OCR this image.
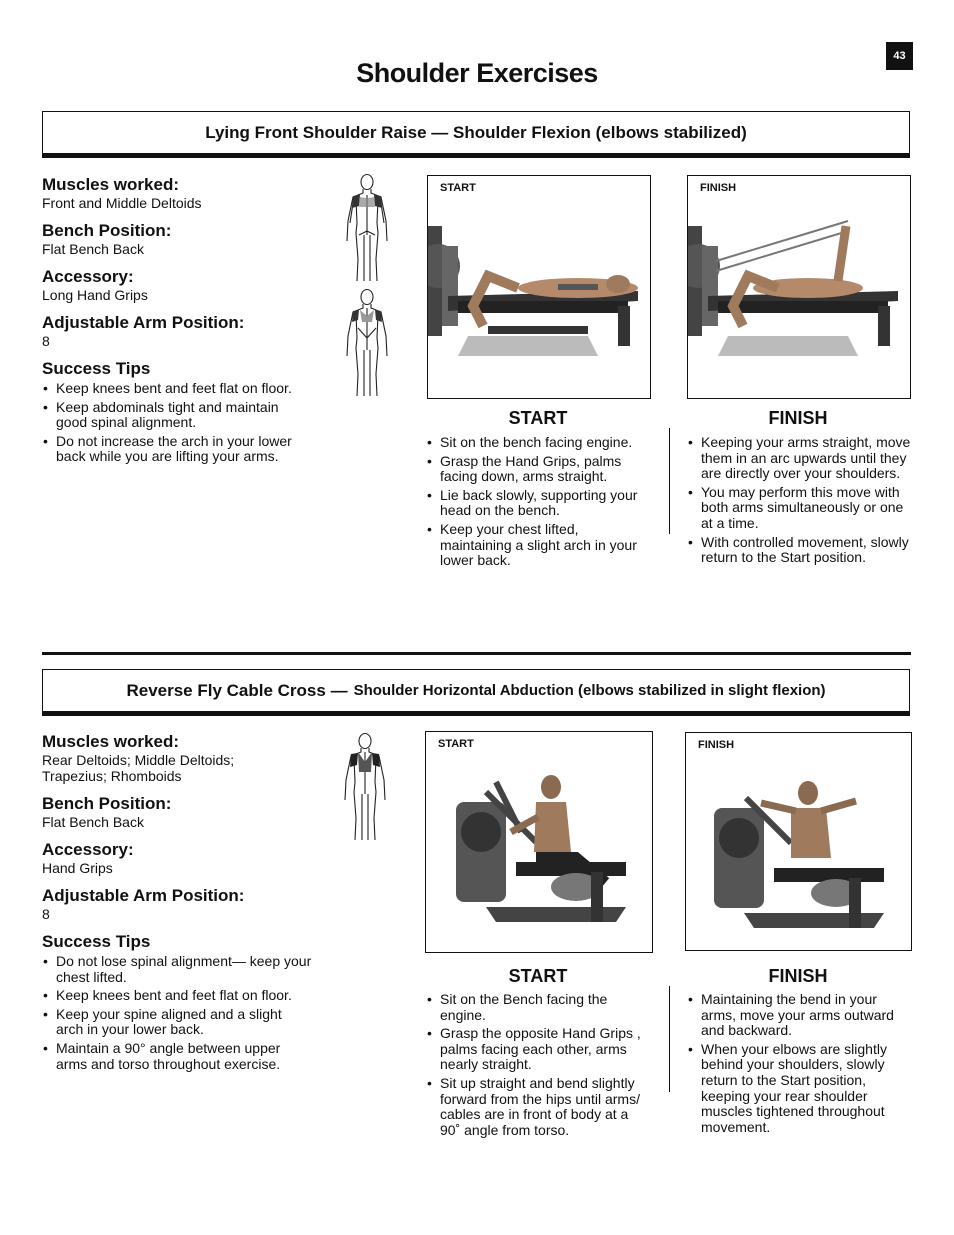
43
Shoulder Exercises
Lying Front Shoulder Raise — Shoulder Flexion (elbows stabilized)
Muscles worked:
Front and Middle Deltoids
Bench Position:
Flat Bench Back
Accessory:
Long Hand Grips
Adjustable Arm Position:
8
Success Tips
• Keep knees bent and feet flat on floor.
• Keep abdominals tight and maintain good spinal alignment.
• Do not increase the arch in your lower back while you are lifting your arms.
START	FINISH
START	FINISH
• Sit on the bench facing engine.
• Grasp the Hand Grips, palms facing down, arms straight.
• Lie back slowly, supporting your head on the bench.
• Keep your chest lifted, maintaining a slight arch in your lower back.
• Keeping your arms straight, move them in an arc upwards until they are directly over your shoulders.
• You may perform this move with both arms simultaneously or one at a time.
• With controlled movement, slowly return to the Start position.
Reverse Fly Cable Cross — Shoulder Horizontal Abduction (elbows stabilized in slight flexion)
Muscles worked:
Rear Deltoids; Middle Deltoids; Trapezius; Rhomboids
Bench Position:
Flat Bench Back
Accessory:
Hand Grips
Adjustable Arm Position:
8
Success Tips
• Do not lose spinal alignment— keep your chest lifted.
• Keep knees bent and feet flat on floor.
• Keep your spine aligned and a slight arch in your lower back.
• Maintain a 90° angle between upper arms and torso throughout exercise.
START	FINISH
START	FINISH
• Sit on the Bench facing the engine.
• Grasp the opposite Hand Grips , palms facing each other, arms nearly straight.
• Sit up straight and bend slightly forward from the hips until arms/ cables are in front of body at a 90˚ angle from torso.
• Maintaining the bend in your arms, move your arms outward and backward.
• When your elbows are slightly behind your shoulders, slowly return to the Start position, keeping your rear shoulder muscles tightened throughout movement.
